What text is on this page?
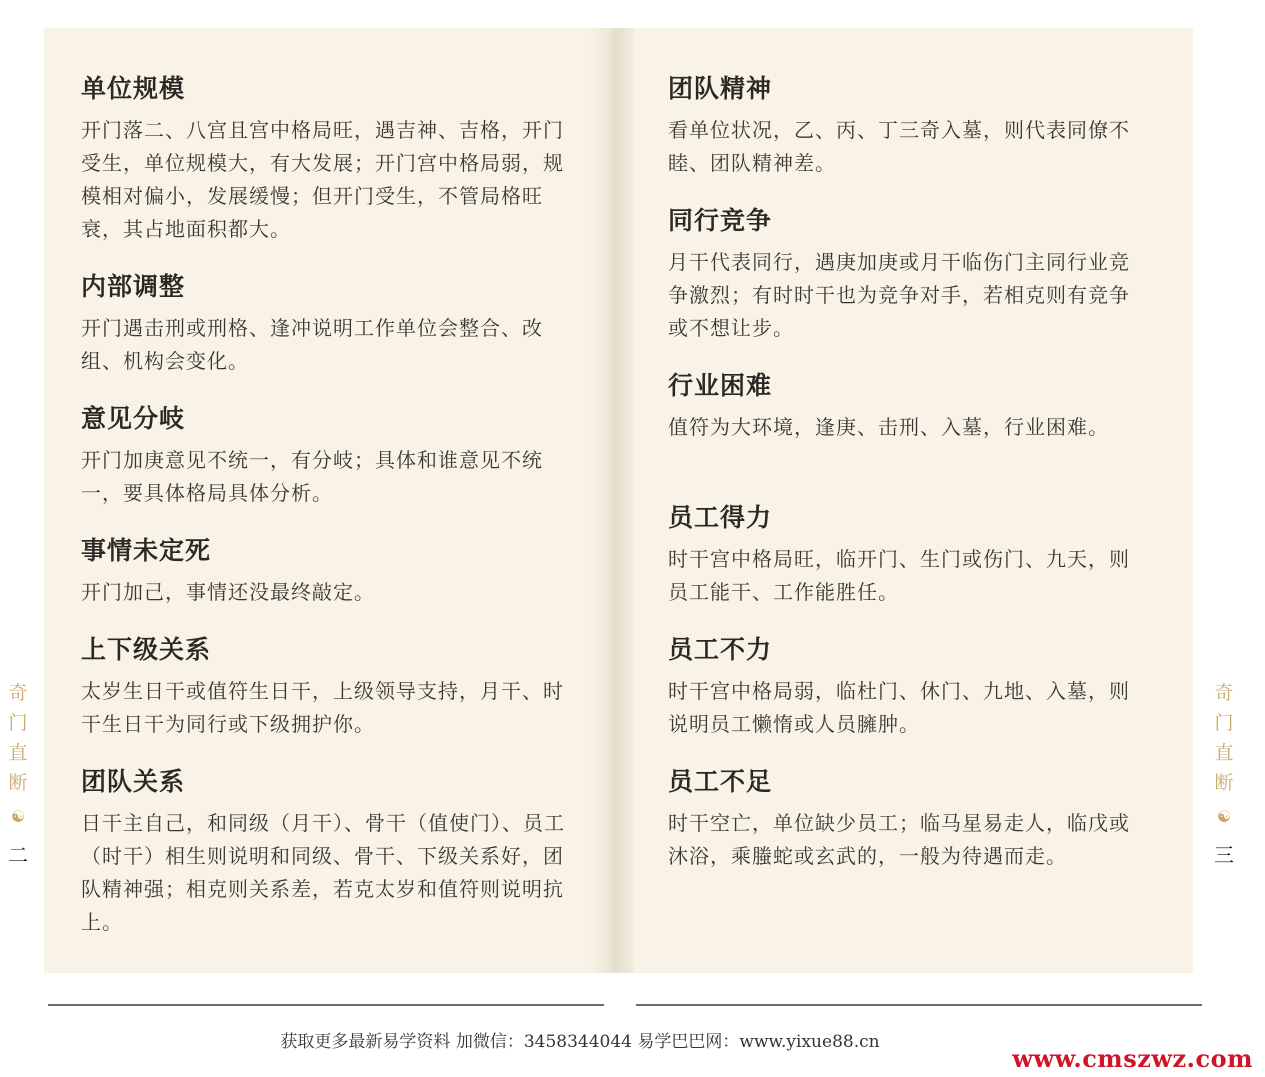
单位规模

开门落二、八宫且宫中格局旺，遇吉神、吉格，开门受生，单位规模大，有大发展；开门宫中格局弱，规模相对偏小，发展缓慢；但开门受生，不管局格旺衰，其占地面积都大。

内部调整

开门遇击刑或刑格、逢冲说明工作单位会整合、改组、机构会变化。

意见分岐

开门加庚意见不统一，有分岐；具体和谁意见不统一，要具体格局具体分析。

事情未定死

开门加己，事情还没最终敲定。

上下级关系

太岁生日干或值符生日干，上级领导支持，月干、时干生日干为同行或下级拥护你。

团队关系

日干主自己，和同级（月干）、骨干（值使门）、员工（时干）相生则说明和同级、骨干、下级关系好，团队精神强；相克则关系差，若克太岁和值符则说明抗上。

团队精神

看单位状况，乙、丙、丁三奇入墓，则代表同僚不睦、团队精神差。

同行竞争

月干代表同行，遇庚加庚或月干临伤门主同行业竞争激烈；有时时干也为竞争对手，若相克则有竞争或不想让步。

行业困难

值符为大环境，逢庚、击刑、入墓，行业困难。

员工得力

时干宫中格局旺，临开门、生门或伤门、九天，则员工能干、工作能胜任。

员工不力

时干宫中格局弱，临杜门、休门、九地、入墓，则说明员工懒惰或人员臃肿。

员工不足

时干空亡，单位缺少员工；临马星易走人，临戊或沐浴，乘螣蛇或玄武的，一般为待遇而走。

奇
门
直
断
☯
二
奇
门
直
断
☯
三
获取更多最新易学资料 加微信：3458344044 易学巴巴网：www.yixue88.cn
www.cmszwz.com
